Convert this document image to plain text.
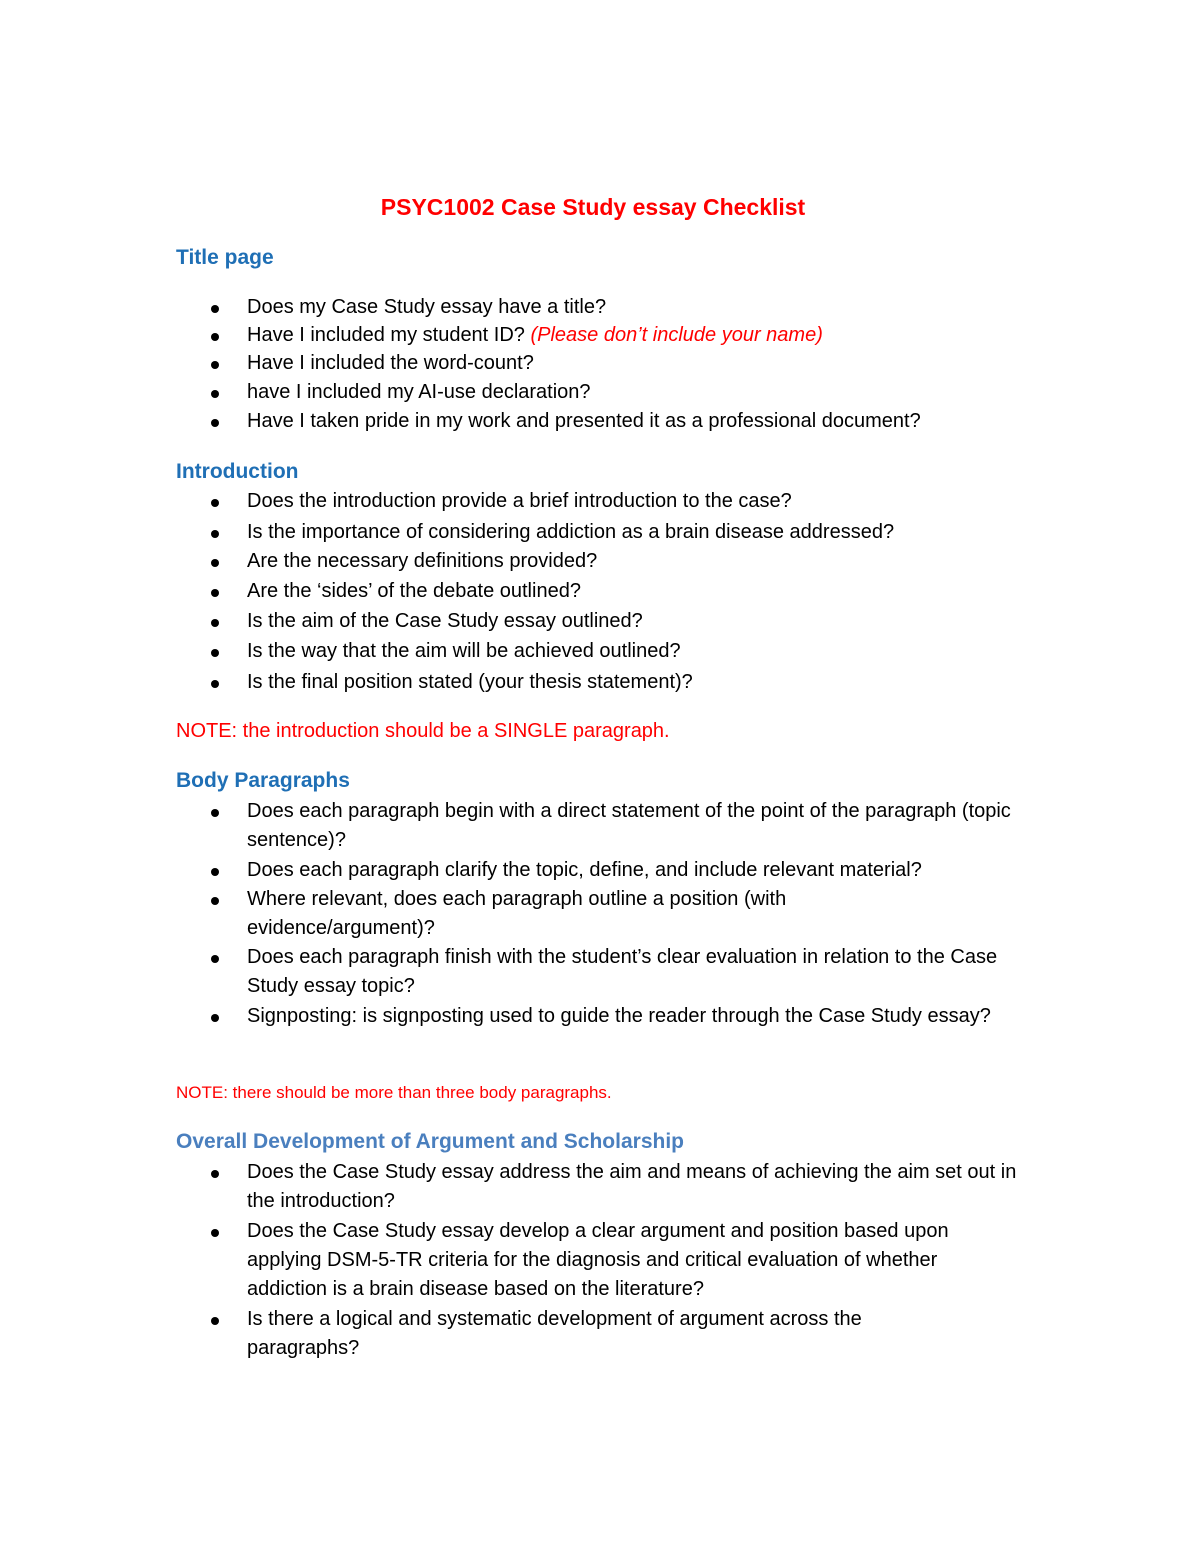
PSYC1002 Case Study essay Checklist
Title page
Does my Case Study essay have a title?
Have I included my student ID? (Please don’t include your name)
Have I included the word-count?
have I included my AI-use declaration?
Have I taken pride in my work and presented it as a professional document?
Introduction
Does the introduction provide a brief introduction to the case?
Is the importance of considering addiction as a brain disease addressed?
Are the necessary definitions provided?
Are the ‘sides’ of the debate outlined?
Is the aim of the Case Study essay outlined?
Is the way that the aim will be achieved outlined?
Is the final position stated (your thesis statement)?
NOTE: the introduction should be a SINGLE paragraph.
Body Paragraphs
Does each paragraph begin with a direct statement of the point of the paragraph (topic sentence)?
Does each paragraph clarify the topic, define, and include relevant material?
Where relevant, does each paragraph outline a position (with evidence/argument)?
Does each paragraph finish with the student’s clear evaluation in relation to the Case Study essay topic?
Signposting: is signposting used to guide the reader through the Case Study essay?
NOTE: there should be more than three body paragraphs.
Overall Development of Argument and Scholarship
Does the Case Study essay address the aim and means of achieving the aim set out in the introduction?
Does the Case Study essay develop a clear argument and position based upon applying DSM-5-TR criteria for the diagnosis and critical evaluation of whether addiction is a brain disease based on the literature?
Is there a logical and systematic development of argument across the paragraphs?
